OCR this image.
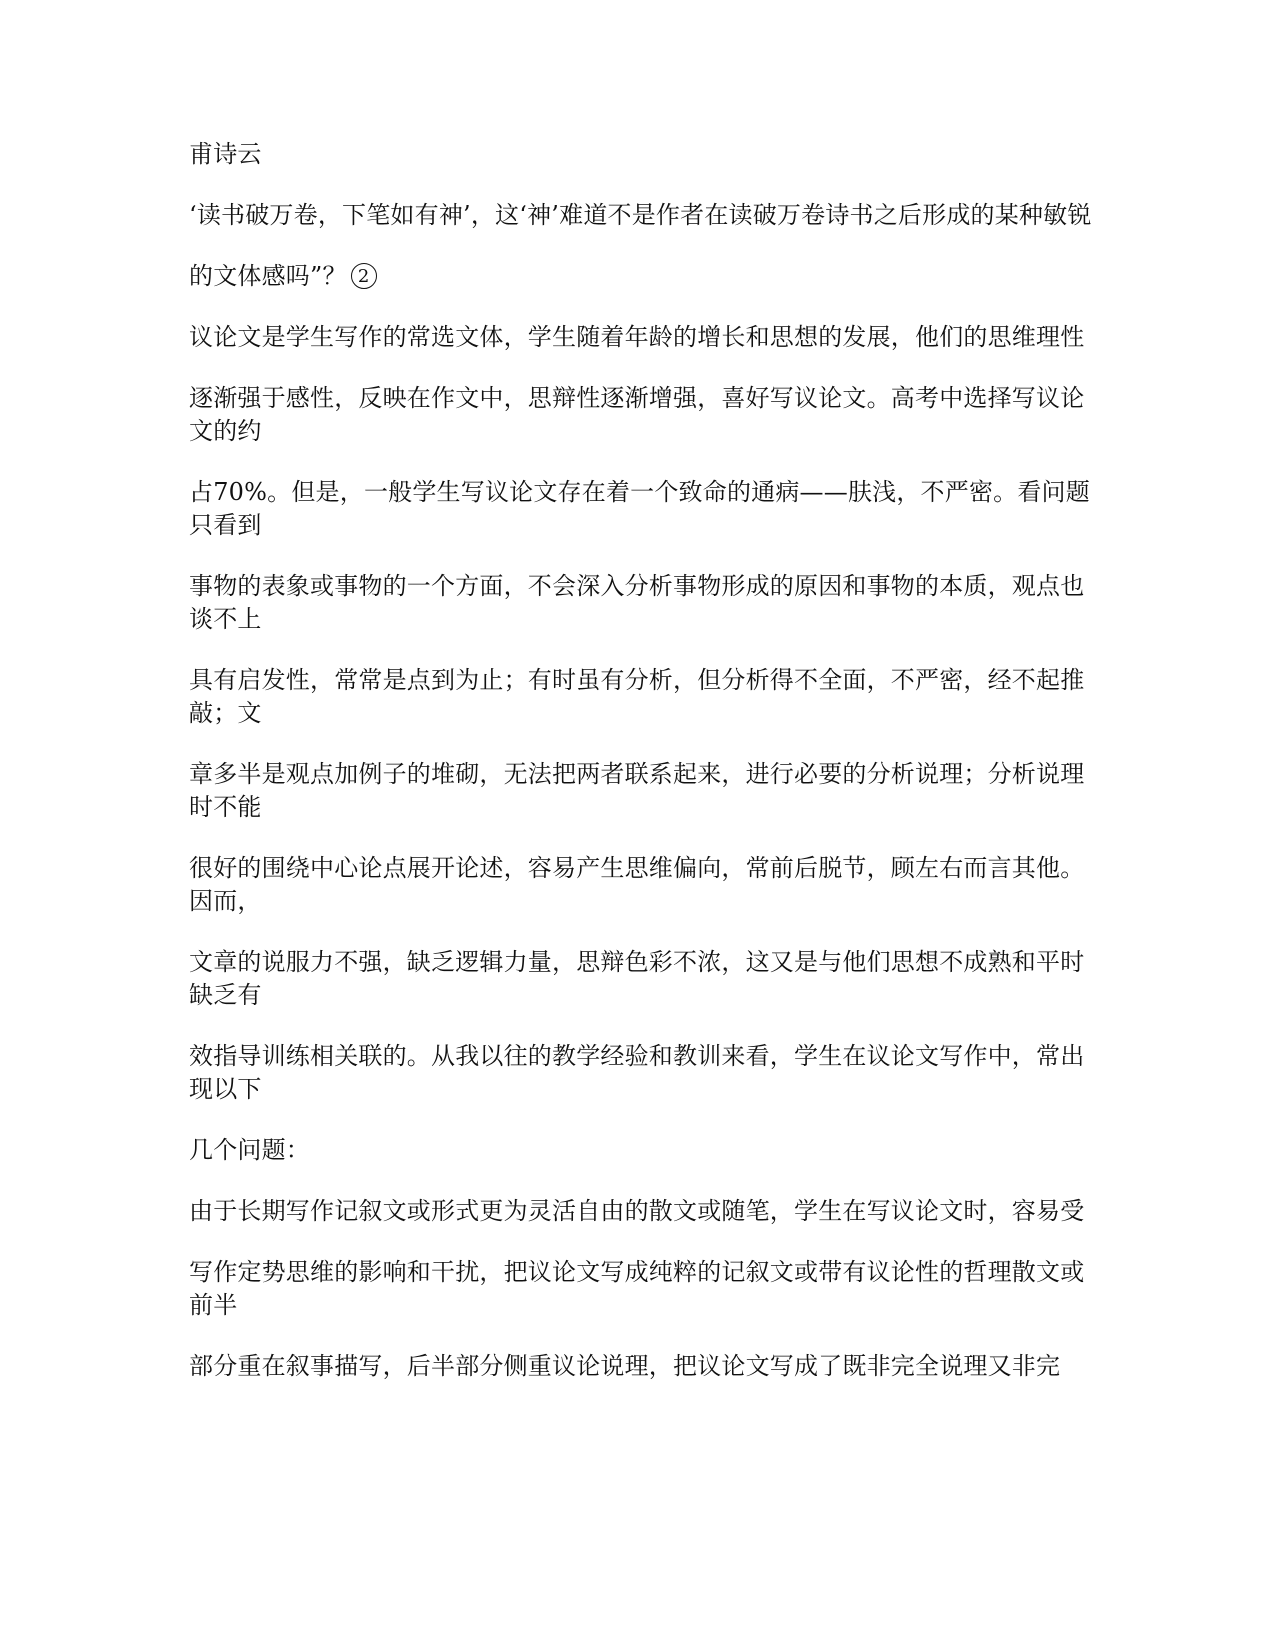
甫诗云

‘读书破万卷，下笔如有神’，这‘神’难道不是作者在读破万卷诗书之后形成的某种敏锐

的文体感吗”？ 2

议论文是学生写作的常选文体，学生随着年龄的增长和思想的发展，他们的思维理性

逐渐强于感性，反映在作文中，思辩性逐渐增强，喜好写议论文。高考中选择写议论文的约

占70%。但是，一般学生写议论文存在着一个致命的通病——肤浅，不严密。看问题只看到

事物的表象或事物的一个方面，不会深入分析事物形成的原因和事物的本质，观点也谈不上

具有启发性，常常是点到为止；有时虽有分析，但分析得不全面，不严密，经不起推敲；文

章多半是观点加例子的堆砌，无法把两者联系起来，进行必要的分析说理；分析说理时不能

很好的围绕中心论点展开论述，容易产生思维偏向，常前后脱节，顾左右而言其他。因而，

文章的说服力不强，缺乏逻辑力量，思辩色彩不浓，这又是与他们思想不成熟和平时缺乏有

效指导训练相关联的。从我以往的教学经验和教训来看，学生在议论文写作中，常出现以下

几个问题：

由于长期写作记叙文或形式更为灵活自由的散文或随笔，学生在写议论文时，容易受

写作定势思维的影响和干扰，把议论文写成纯粹的记叙文或带有议论性的哲理散文或前半

部分重在叙事描写，后半部分侧重议论说理，把议论文写成了既非完全说理又非完
